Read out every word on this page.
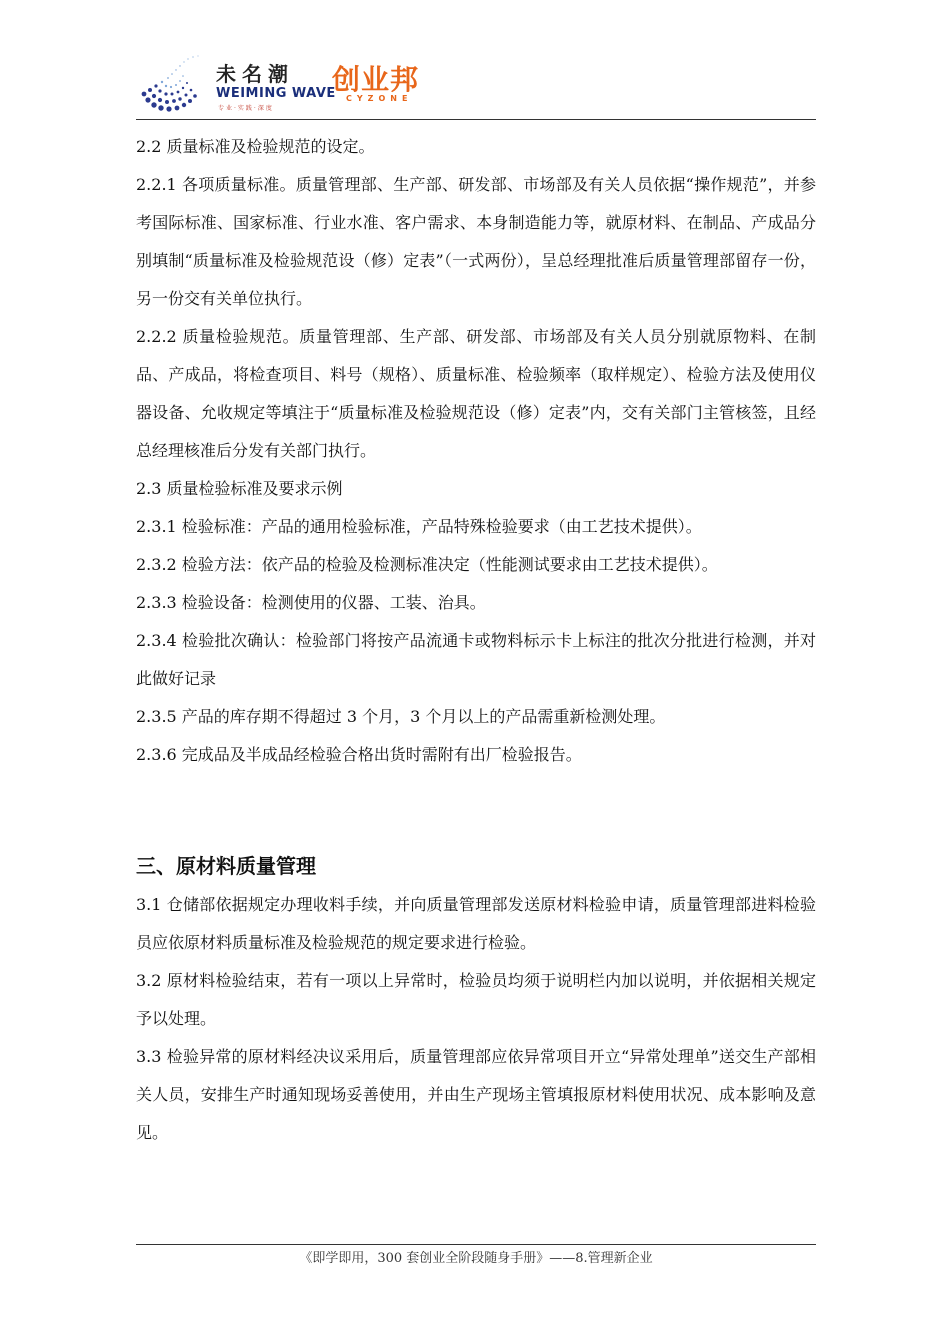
未名潮
WEIMING WAVE
专业·实践·深度
创业邦
CYZONE

2.2 质量标准及检验规范的设定。

2.2.1 各项质量标准。质量管理部、生产部、研发部、市场部及有关人员依据“操作规范”，并参考国际标准、国家标准、行业水准、客户需求、本身制造能力等，就原材料、在制品、产成品分别填制“质量标准及检验规范设（修）定表”（一式两份），呈总经理批准后质量管理部留存一份，另一份交有关单位执行。

2.2.2 质量检验规范。质量管理部、生产部、研发部、市场部及有关人员分别就原物料、在制品、产成品，将检查项目、料号（规格）、质量标准、检验频率（取样规定）、检验方法及使用仪器设备、允收规定等填注于“质量标准及检验规范设（修）定表”内，交有关部门主管核签，且经总经理核准后分发有关部门执行。

2.3 质量检验标准及要求示例

2.3.1 检验标准：产品的通用检验标准，产品特殊检验要求（由工艺技术提供）。

2.3.2 检验方法：依产品的检验及检测标准决定（性能测试要求由工艺技术提供）。

2.3.3 检验设备：检测使用的仪器、工装、治具。

2.3.4 检验批次确认：检验部门将按产品流通卡或物料标示卡上标注的批次分批进行检测，并对此做好记录

2.3.5 产品的库存期不得超过 3 个月，3 个月以上的产品需重新检测处理。

2.3.6 完成品及半成品经检验合格出货时需附有出厂检验报告。

三、原材料质量管理

3.1 仓储部依据规定办理收料手续，并向质量管理部发送原材料检验申请，质量管理部进料检验员应依原材料质量标准及检验规范的规定要求进行检验。

3.2 原材料检验结束，若有一项以上异常时，检验员均须于说明栏内加以说明，并依据相关规定予以处理。

3.3 检验异常的原材料经决议采用后，质量管理部应依异常项目开立“异常处理单”送交生产部相关人员，安排生产时通知现场妥善使用，并由生产现场主管填报原材料使用状况、成本影响及意见。

《即学即用，300 套创业全阶段随身手册》——8.管理新企业
